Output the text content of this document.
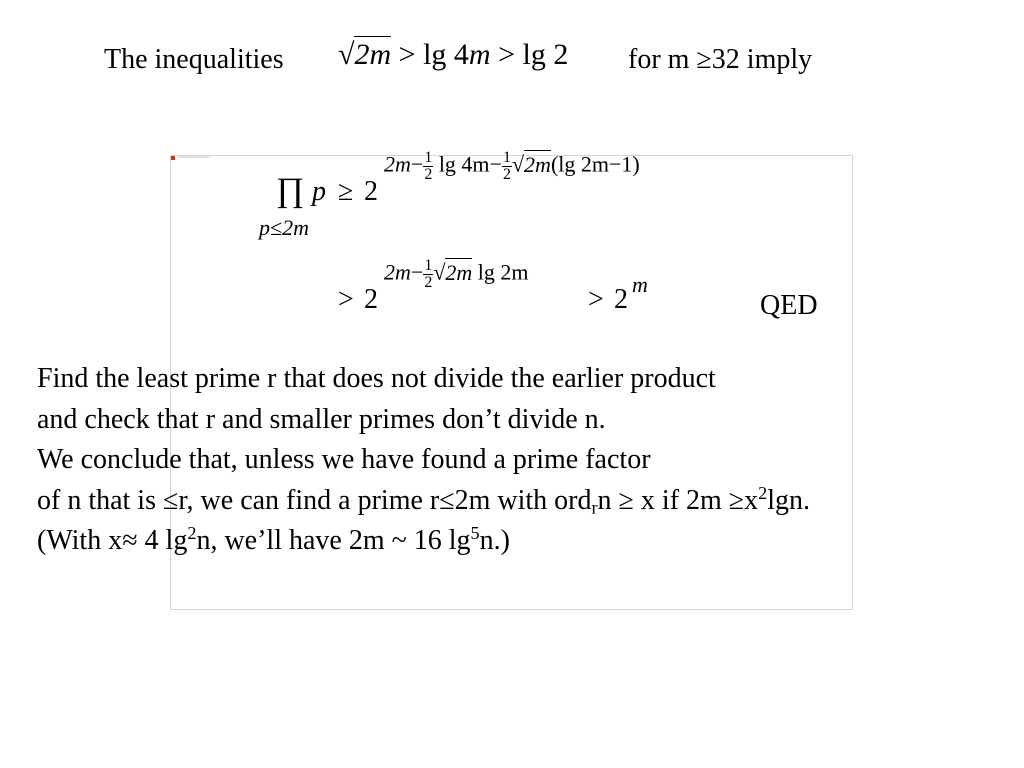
The inequalities √2m > lg 4m > lg 2 for m ≥32 imply
∏ p ≥ 2
p≤2m
$2m- \frac{1}{2}$ $\lg 4m- \frac{1}{2} √2m(\lg$ 2m−1)
> 2
$2m- \frac{1}{2} √2m$ lg 2m
> 2 m
QED
Find the least prime r that does not divide the earlier product
and check that r and smaller primes don’t divide n.
We conclude that, unless we have found a prime factor
of n that is ≤r, we can find a prime r≤2m with ord$_r$n ≥ x if $2m \ge x^2\lg n$.
(With x≈ 4 $\lg^2n$, we’ll have 2m ~ 16 $\lg^5n$.)
